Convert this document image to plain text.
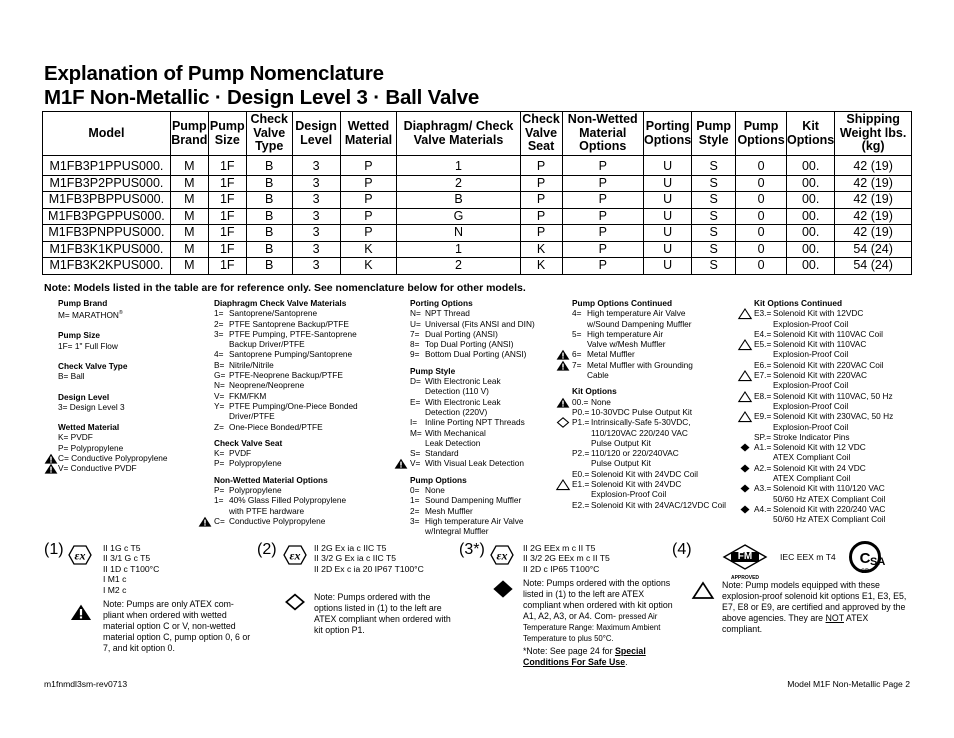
Explanation of Pump Nomenclature
M1F Non-Metallic · Design Level 3 · Ball Valve
Model	Pump Brand	Pump Size	Check Valve Type	Design Level	Wetted Material	Diaphragm/ Check Valve Materials	Check Valve Seat	Non-Wetted Material Options	Porting Options	Pump Style	Pump Options	Kit Options	Shipping Weight lbs. (kg)

M1FB3P1PPUS000.	M	1F	B	3	P	1	P	P	U	S	0	00.	42 (19)
M1FB3P2PPUS000.	M	1F	B	3	P	2	P	P	U	S	0	00.	42 (19)
M1FB3PBPPUS000.	M	1F	B	3	P	B	P	P	U	S	0	00.	42 (19)
M1FB3PGPPUS000.	M	1F	B	3	P	G	P	P	U	S	0	00.	42 (19)
M1FB3PNPPUS000.	M	1F	B	3	P	N	P	P	U	S	0	00.	42 (19)
M1FB3K1KPUS000.	M	1F	B	3	K	1	K	P	U	S	0	00.	54 (24)
M1FB3K2KPUS000.	M	1F	B	3	K	2	K	P	U	S	0	00.	54 (24)
Note: Models listed in the table are for reference only. See nomenclature below for other models.
Pump Brand
M= MARATHON®
Pump Size
1F= 1" Full Flow
Check Valve Type
B= Ball
Design Level
3= Design Level 3
Wetted Material
K= PVDF
P= Polypropylene
C= Conductive Polypropylene
V= Conductive PVDF
Diaphragm Check Valve Materials
1= Santoprene/Santoprene
2= PTFE Santoprene Backup/PTFE
3= PTFE Pumping, PTFE-Santoprene
Backup Driver/PTFE
4= Santoprene Pumping/Santoprene
B= Nitrile/Nitrile
G= PTFE-Neoprene Backup/PTFE
N= Neoprene/Neoprene
V= FKM/FKM
Y= PTFE Pumping/One-Piece Bonded
Driver/PTFE
Z= One-Piece Bonded/PTFE
Check Valve Seat
K= PVDF
P= Polypropylene
Non-Wetted Material Options
P= Polypropylene
1= 40% Glass Filled Polypropylene
with PTFE hardware
C= Conductive Polypropylene
Porting Options
N= NPT Thread
U= Universal (Fits ANSI and DIN)
7= Dual Porting (ANSI)
8= Top Dual Porting (ANSI)
9= Bottom Dual Porting (ANSI)
Pump Style
D= With Electronic Leak
Detection (110 V)
E= With Electronic Leak
Detection (220V)
I= Inline Porting NPT Threads
M= With Mechanical
Leak Detection
S= Standard
V= With Visual Leak Detection
Pump Options
0= None
1= Sound Dampening Muffler
2= Mesh Muffler
3= High temperature Air Valve
w/Integral Muffler
Pump Options Continued
4= High temperature Air Valve
w/Sound Dampening Muffler
5= High temperature Air
Valve w/Mesh Muffler
6= Metal Muffler
7= Metal Muffler with Grounding
Cable
Kit Options
00.= None
P0.= 10-30VDC Pulse Output Kit
P1.= Intrinsically-Safe 5-30VDC,
110/120VAC 220/240 VAC
Pulse Output Kit
P2.= 110/120 or 220/240VAC
Pulse Output Kit
E0.= Solenoid Kit with 24VDC Coil
E1.= Solenoid Kit with 24VDC
Explosion-Proof Coil
E2.= Solenoid Kit with 24VAC/12VDC Coil
Kit Options Continued
E3.= Solenoid Kit with 12VDC
Explosion-Proof Coil
E4.= Solenoid Kit with 110VAC Coil
E5.= Solenoid Kit with 110VAC
Explosion-Proof Coil
E6.= Solenoid Kit with 220VAC Coil
E7.= Solenoid Kit with 220VAC
Explosion-Proof Coil
E8.= Solenoid Kit with 110VAC, 50 Hz
Explosion-Proof Coil
E9.= Solenoid Kit with 230VAC, 50 Hz
Explosion-Proof Coil
SP.= Stroke Indicator Pins
A1.= Solenoid Kit with 12 VDC
ATEX Compliant Coil
A2.= Solenoid Kit with 24 VDC
ATEX Compliant Coil
A3.= Solenoid Kit with 110/120 VAC
50/60 Hz ATEX Compliant Coil
A4.= Solenoid Kit with 220/240 VAC
50/60 Hz ATEX Compliant Coil
(1)	II 1G c T5
II 3/1 G c T5
II 1D c T100°C
I M1 c
I M2 c
Note: Pumps are only ATEX com-pliant when ordered with wetted material option C or V, non-wetted material option C, pump option 0, 6 or 7, and kit option 0.
(2)	II 2G Ex ia c IIC T5
II 3/2 G Ex ia c IIC T5
II 2D Ex c ia 20 IP67 T100°C
Note: Pumps ordered with the options listed in (1) to the left are ATEX compliant when ordered with kit option P1.
(3*)	II 2G EEx m c II T5
II 3/2 2G EEx m c II T5
II 2D c IP65 T100°C
Note: Pumps ordered with the options listed in (1) to the left are ATEX compliant when ordered with kit option A1, A2, A3, or A4. Com- pressed Air Temperature Range: Maximum Ambient Temperature to plus 50°C.
*Note: See page 24 for Special Conditions For Safe Use.
(4)	FM
APPROVED
IEC EEX m T4 C SA
SP
Note: Pump models equipped with these explosion-proof solenoid kit options E1, E3, E5, E7, E8 or E9, are certified and approved by the above agencies. They are NOT ATEX compliant.
m1fnmdl3sm-rev0713	Model M1F Non-Metallic Page 2
